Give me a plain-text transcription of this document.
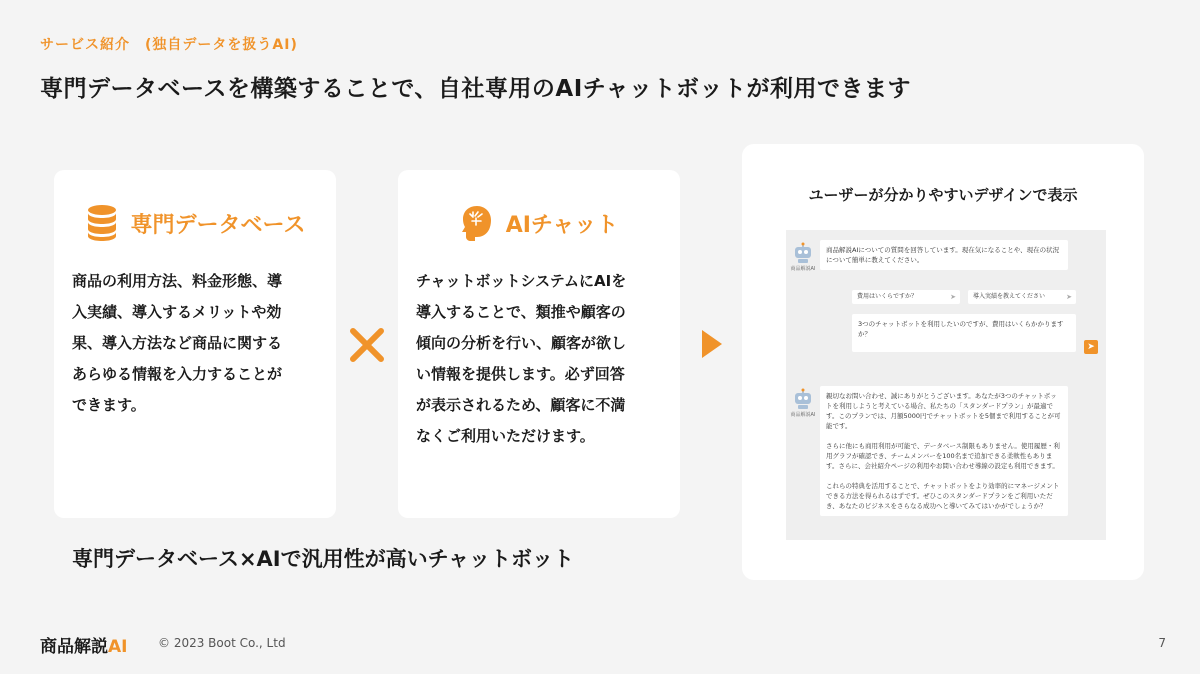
サービス紹介　(独自データを扱うAI)
専門データベースを構築することで、自社専用のAIチャットボットが利用できます
専門データベース
商品の利用方法、料金形態、導
入実績、導入するメリットや効
果、導入方法など商品に関する
あらゆる情報を入力することが
できます。
AIチャット
チャットボットシステムにAIを
導入することで、類推や顧客の
傾向の分析を行い、顧客が欲し
い情報を提供します。必ず回答
が表示されるため、顧客に不満
なくご利用いただけます。
専門データベース×AIで汎用性が高いチャットボット
ユーザーが分かりやすいデザインで表示
商品解説AI
商品解説AIについての質問を回答しています。現在気になることや、現在の状況
について簡単に教えてください。
費用はいくらですか？	➤	導入実績を教えてください	➤
3つのチャットボットを利用したいのですが、費用はいくらかかります
か？
➤
商品解説AI
親切なお問い合わせ、誠にありがとうございます。あなたが3つのチャットボッ
トを利用しようと考えている場合、私たちの「スタンダードプラン」が最適で
す。このプランでは、月額5000円でチャットボットを5個まで利用することが可
能です。

さらに他にも商用利用が可能で、データベース制限もありません。使用履歴・利
用グラフが確認でき、チームメンバーを100名まで追加できる柔軟性もありま
す。さらに、会社紹介ページの利用やお問い合わせ導線の設定も利用できます。

これらの特典を活用することで、チャットボットをより効率的にマネージメント
できる方法を得られるはずです。ぜひこのスタンダードプランをご利用いただ
き、あなたのビジネスをさらなる成功へと導いてみてはいかがでしょうか？
商品解説AI	© 2023 Boot Co., Ltd	7
